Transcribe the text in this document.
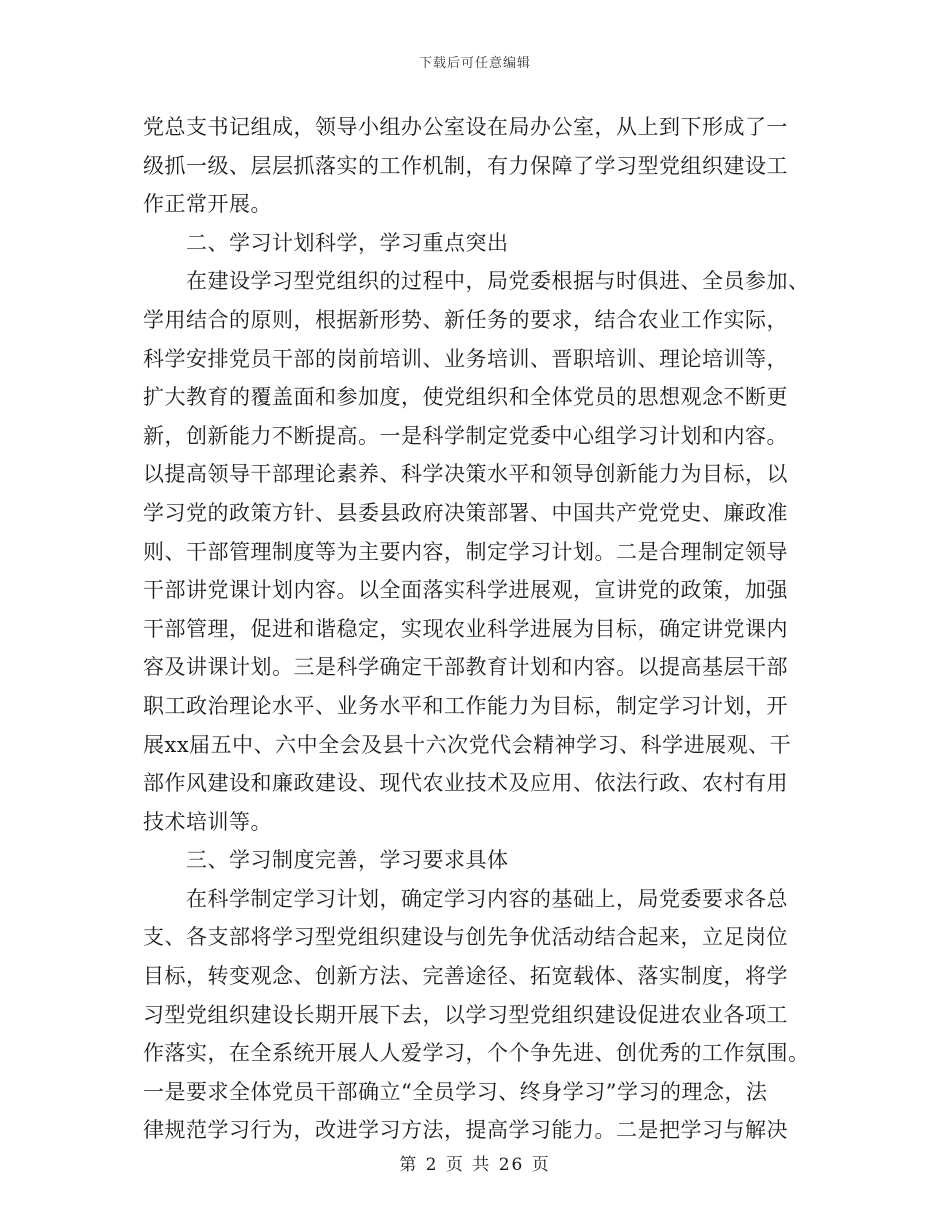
下载后可任意编辑
党总支书记组成，领导小组办公室设在局办公室，从上到下形成了一
级抓一级、层层抓落实的工作机制，有力保障了学习型党组织建设工
作正常开展。
　　二、学习计划科学，学习重点突出
　　在建设学习型党组织的过程中，局党委根据与时俱进、全员参加、
学用结合的原则，根据新形势、新任务的要求，结合农业工作实际，
科学安排党员干部的岗前培训、业务培训、晋职培训、理论培训等，
扩大教育的覆盖面和参加度，使党组织和全体党员的思想观念不断更
新，创新能力不断提高。一是科学制定党委中心组学习计划和内容。
以提高领导干部理论素养、科学决策水平和领导创新能力为目标，以
学习党的政策方针、县委县政府决策部署、中国共产党党史、廉政准
则、干部管理制度等为主要内容，制定学习计划。二是合理制定领导
干部讲党课计划内容。以全面落实科学进展观，宣讲党的政策，加强
干部管理，促进和谐稳定，实现农业科学进展为目标，确定讲党课内
容及讲课计划。三是科学确定干部教育计划和内容。以提高基层干部
职工政治理论水平、业务水平和工作能力为目标，制定学习计划，开
展xx届五中、六中全会及县十六次党代会精神学习、科学进展观、干
部作风建设和廉政建设、现代农业技术及应用、依法行政、农村有用
技术培训等。
　　三、学习制度完善，学习要求具体
　　在科学制定学习计划，确定学习内容的基础上，局党委要求各总
支、各支部将学习型党组织建设与创先争优活动结合起来，立足岗位
目标，转变观念、创新方法、完善途径、拓宽载体、落实制度，将学
习型党组织建设长期开展下去，以学习型党组织建设促进农业各项工
作落实，在全系统开展人人爱学习，个个争先进、创优秀的工作氛围。
一是要求全体党员干部确立“全员学习、终身学习”学习的理念，法
律规范学习行为，改进学习方法，提高学习能力。二是把学习与解决
第 2 页 共 26 页
